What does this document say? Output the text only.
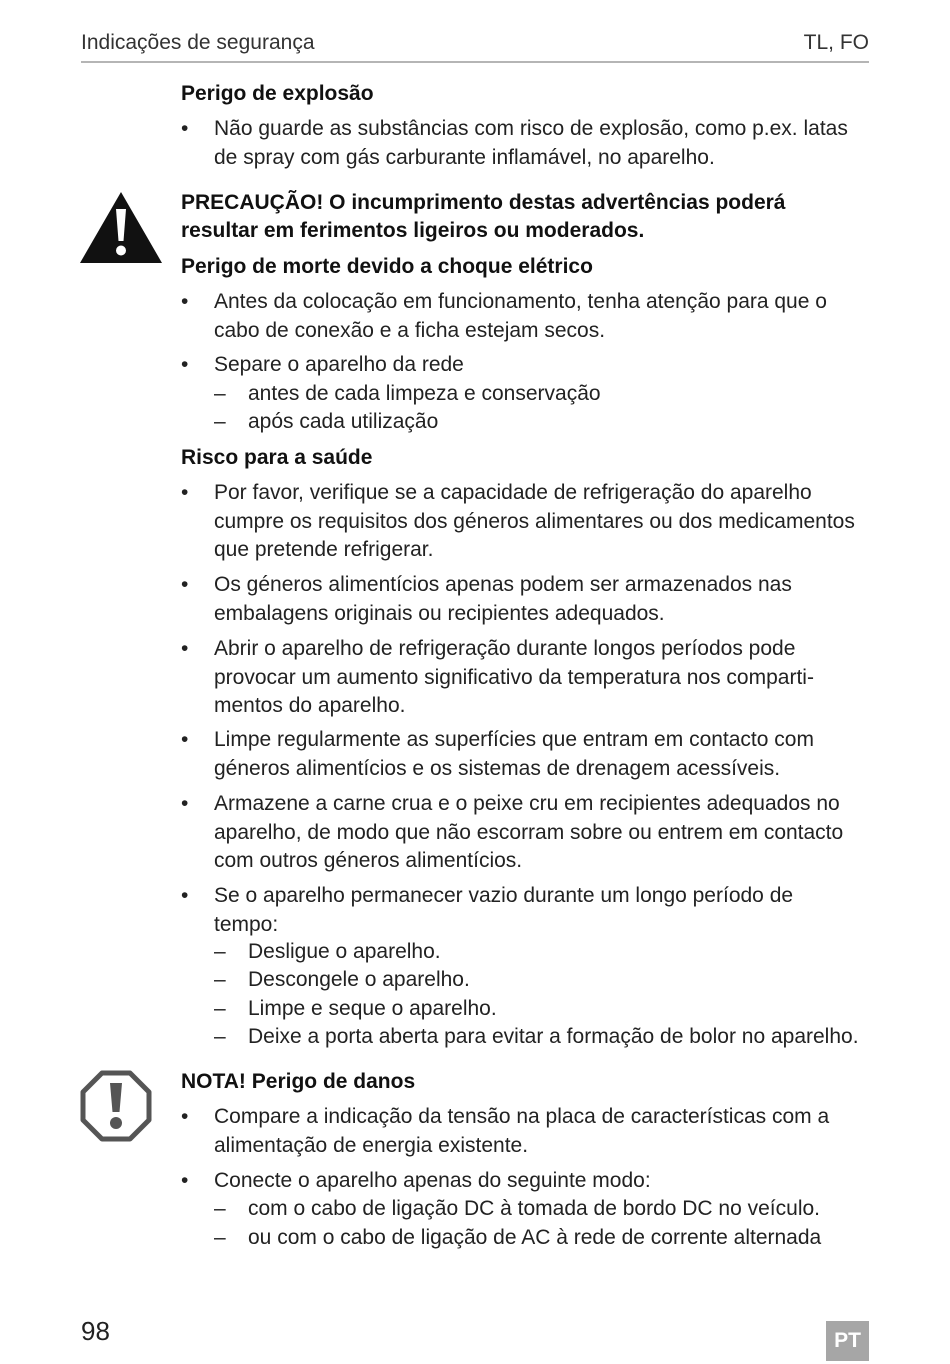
Indicações de segurança	TL, FO
Perigo de explosão
•	Não guarde as substâncias com risco de explosão, como p.ex. latas
de spray com gás carburante inflamável, no aparelho.
PRECAUÇÃO! O incumprimento destas advertências poderá
resultar em ferimentos ligeiros ou moderados.
Perigo de morte devido a choque elétrico
•	Antes da colocação em funcionamento, tenha atenção para que o
cabo de conexão e a ficha estejam secos.
•	Separe o aparelho da rede
– antes de cada limpeza e conservação
– após cada utilização
Risco para a saúde
•	Por favor, verifique se a capacidade de refrigeração do aparelho
cumpre os requisitos dos géneros alimentares ou dos medicamentos
que pretende refrigerar.
•	Os géneros alimentícios apenas podem ser armazenados nas
embalagens originais ou recipientes adequados.
•	Abrir o aparelho de refrigeração durante longos períodos pode
provocar um aumento significativo da temperatura nos comparti-
mentos do aparelho.
•	Limpe regularmente as superfícies que entram em contacto com
géneros alimentícios e os sistemas de drenagem acessíveis.
•	Armazene a carne crua e o peixe cru em recipientes adequados no
aparelho, de modo que não escorram sobre ou entrem em contacto
com outros géneros alimentícios.
•	Se o aparelho permanecer vazio durante um longo período de
tempo:
– Desligue o aparelho.
– Descongele o aparelho.
– Limpe e seque o aparelho.
– Deixe a porta aberta para evitar a formação de bolor no aparelho.
NOTA! Perigo de danos
•	Compare a indicação da tensão na placa de características com a
alimentação de energia existente.
•	Conecte o aparelho apenas do seguinte modo:
– com o cabo de ligação DC à tomada de bordo DC no veículo.
– ou com o cabo de ligação de AC à rede de corrente alternada
98	PT
